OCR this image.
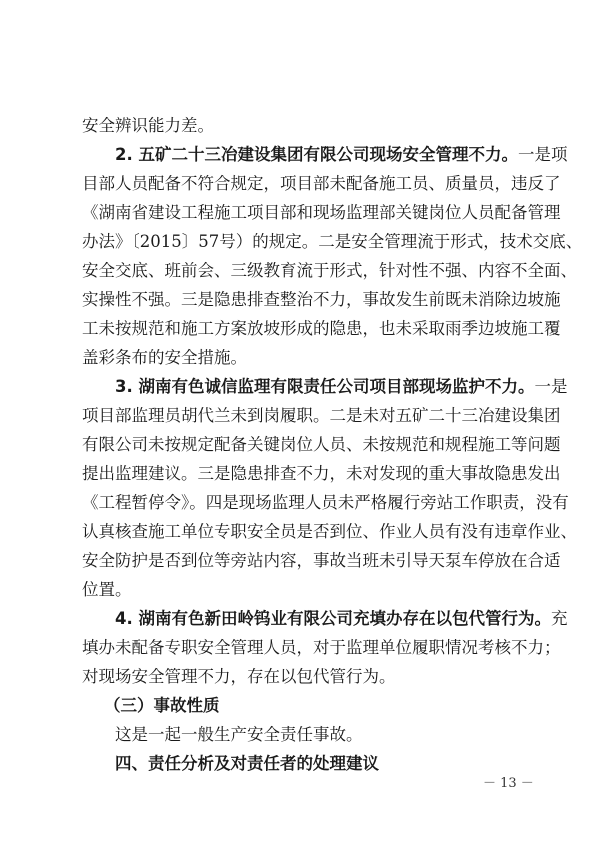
安全辨识能力差。
2. 五矿二十三冶建设集团有限公司现场安全管理不力。一是项
目部人员配备不符合规定，项目部未配备施工员、质量员，违反了
《湖南省建设工程施工项目部和现场监理部关键岗位人员配备管理
办法》〔2015〕57号）的规定。二是安全管理流于形式，技术交底、
安全交底、班前会、三级教育流于形式，针对性不强、内容不全面、
实操性不强。三是隐患排查整治不力，事故发生前既未消除边坡施
工未按规范和施工方案放坡形成的隐患，也未采取雨季边坡施工覆
盖彩条布的安全措施。
3. 湖南有色诚信监理有限责任公司项目部现场监护不力。一是
项目部监理员胡代兰未到岗履职。二是未对五矿二十三冶建设集团
有限公司未按规定配备关键岗位人员、未按规范和规程施工等问题
提出监理建议。三是隐患排查不力，未对发现的重大事故隐患发出
《工程暂停令》。四是现场监理人员未严格履行旁站工作职责，没有
认真核查施工单位专职安全员是否到位、作业人员有没有违章作业、
安全防护是否到位等旁站内容，事故当班未引导天泵车停放在合适
位置。
4. 湖南有色新田岭钨业有限公司充填办存在以包代管行为。充
填办未配备专职安全管理人员，对于监理单位履职情况考核不力；
对现场安全管理不力，存在以包代管行为。
（三）事故性质
这是一起一般生产安全责任事故。
四、责任分析及对责任者的处理建议
－ 13 －
